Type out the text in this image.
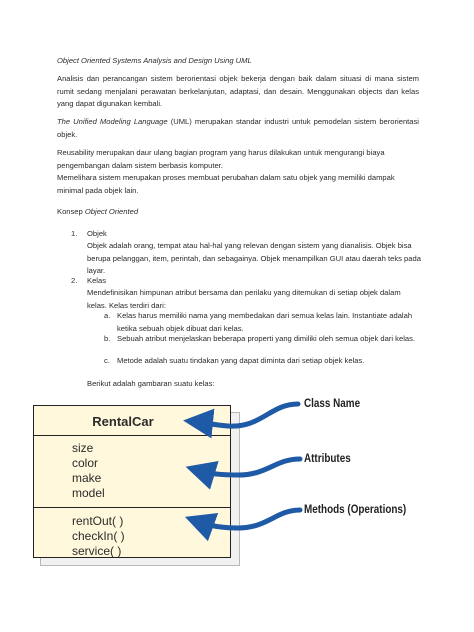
Object Oriented Systems Analysis and Design Using UML

Analisis dan perancangan sistem berorientasi objek bekerja dengan baik dalam situasi di mana sistem rumit sedang menjalani perawatan berkelanjutan, adaptasi, dan desain. Menggunakan objects dan kelas yang dapat digunakan kembali.

The Unified Modeling Language (UML) merupakan standar industri untuk pemodelan sistem berorientasi objek.

Reusability merupakan daur ulang bagian program yang harus dilakukan untuk mengurangi biaya pengembangan dalam sistem berbasis komputer.

Memelihara sistem merupakan proses membuat perubahan dalam satu objek yang memiliki dampak minimal pada objek lain.

Konsep Object Oriented

1. Objek

Objek adalah orang, tempat atau hal-hal yang relevan dengan sistem yang dianalisis. Objek bisa berupa pelanggan, item, perintah, dan sebagainya. Objek menampilkan GUI atau daerah teks pada layar.

2. Kelas

Mendefinisikan himpunan atribut bersama dan perilaku yang ditemukan di setiap objek dalam kelas. Kelas terdiri dari:

a. Kelas harus memiliki nama yang membedakan dari semua kelas lain. Instantiate adalah ketika sebuah objek dibuat dari kelas.

b. Sebuah atribut menjelaskan beberapa properti yang dimiliki oleh semua objek dari kelas.

c. Metode adalah suatu tindakan yang dapat diminta dari setiap objek kelas.

Berikut adalah gambaran suatu kelas:

RentalCar
size
color
make
model
rentOut( )
checkIn( )
service( )
Class Name
Attributes
Methods (Operations)
